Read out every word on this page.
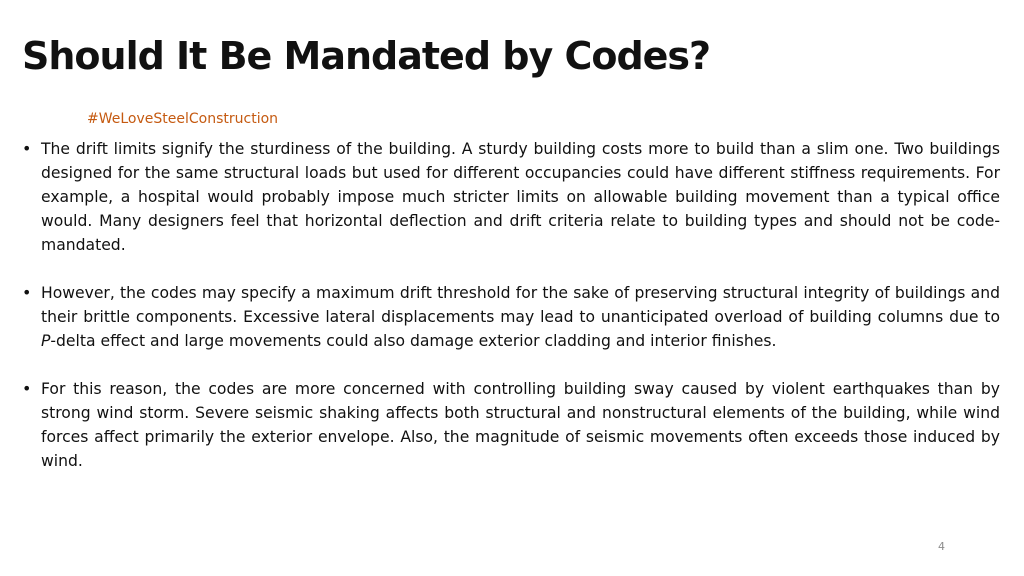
Should It Be Mandated by Codes?
#WeLoveSteelConstruction
• The drift limits signify the sturdiness of the building. A sturdy building costs more to build than a slim one. Two buildings designed for the same structural loads but used for different occupancies could have different stiffness requirements. For example, a hospital would probably impose much stricter limits on allowable building movement than a typical office would. Many designers feel that horizontal deflection and drift criteria relate to building types and should not be code-mandated.
• However, the codes may specify a maximum drift threshold for the sake of preserving structural integrity of buildings and their brittle components. Excessive lateral displacements may lead to unanticipated overload of building columns due to P-delta effect and large movements could also damage exterior cladding and interior finishes.
• For this reason, the codes are more concerned with controlling building sway caused by violent earthquakes than by strong wind storm. Severe seismic shaking affects both structural and nonstructural elements of the building, while wind forces affect primarily the exterior envelope. Also, the magnitude of seismic movements often exceeds those induced by wind.
4
